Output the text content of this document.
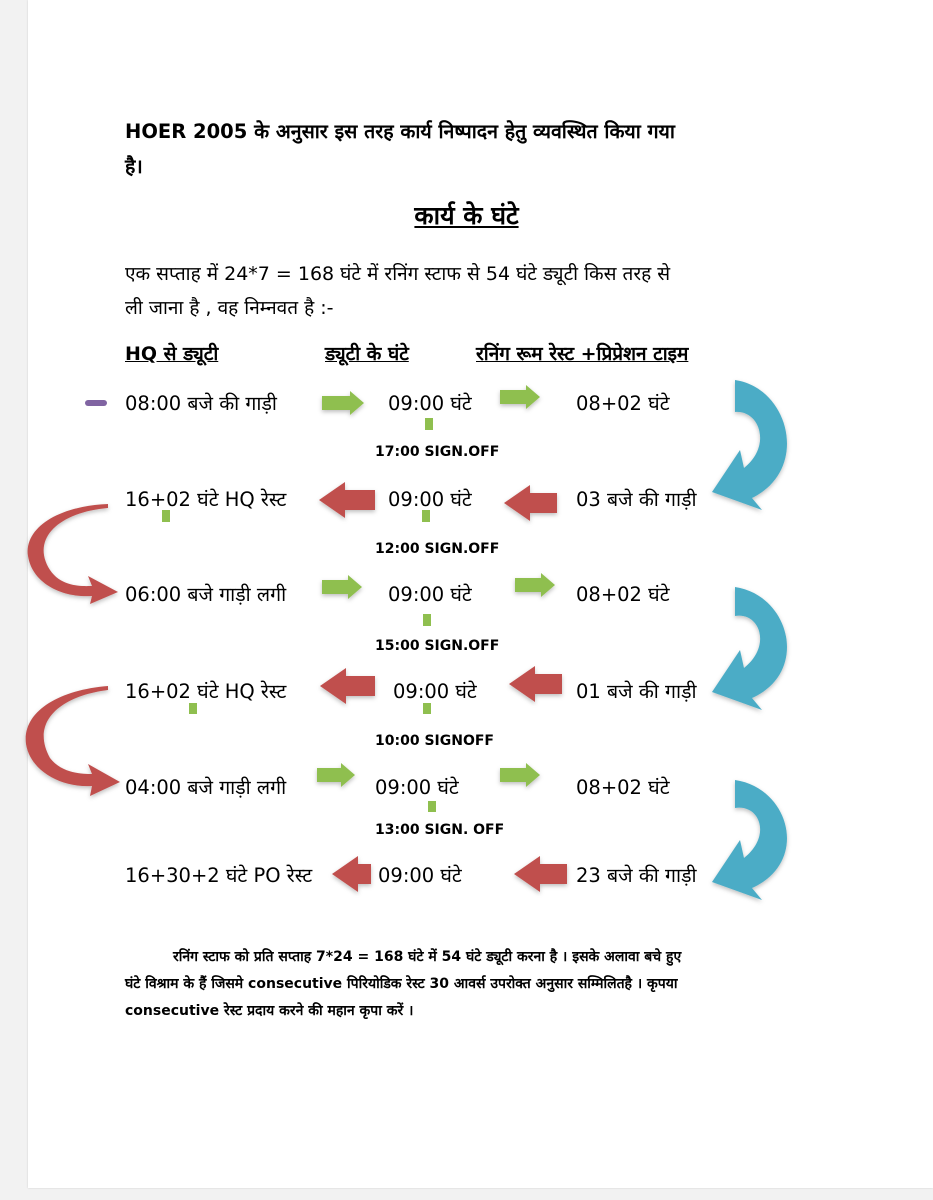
HOER 2005 के अनुसार इस तरह कार्य निष्पादन हेतु व्यवस्थित किया गया
है।
कार्य के घंटे
एक सप्ताह में 24*7 = 168 घंटे में रनिंग स्टाफ से 54 घंटे ड्यूटी किस तरह से
ली जाना है , वह निम्नवत है :-
HQ से ड्यूटी	ड्यूटी के घंटे	रनिंग रूम रेस्ट +प्रिप्रेशन टाइम
08:00 बजे की गाड़ी	09:00 घंटे	08+02 घंटे
17:00 SIGN.OFF
16+02 घंटे HQ रेस्ट	09:00 घंटे	03 बजे की गाड़ी
12:00 SIGN.OFF
06:00 बजे गाड़ी लगी	09:00 घंटे	08+02 घंटे
15:00 SIGN.OFF
16+02 घंटे HQ रेस्ट	09:00 घंटे	01 बजे की गाड़ी
10:00 SIGNOFF
04:00 बजे गाड़ी लगी	09:00 घंटे	08+02 घंटे
13:00 SIGN. OFF
16+30+2 घंटे PO रेस्ट	09:00 घंटे	23 बजे की गाड़ी
रनिंग स्टाफ को प्रति सप्ताह 7*24 = 168 घंटे में 54 घंटे ड्यूटी करना है । इसके अलावा बचे हुए
घंटे विश्राम के हैं जिसमे consecutive पिरियोडिक रेस्ट 30 आवर्स उपरोक्त अनुसार सम्मिलितहै । कृपया
consecutive रेस्ट प्रदाय करने की महान कृपा करें ।
